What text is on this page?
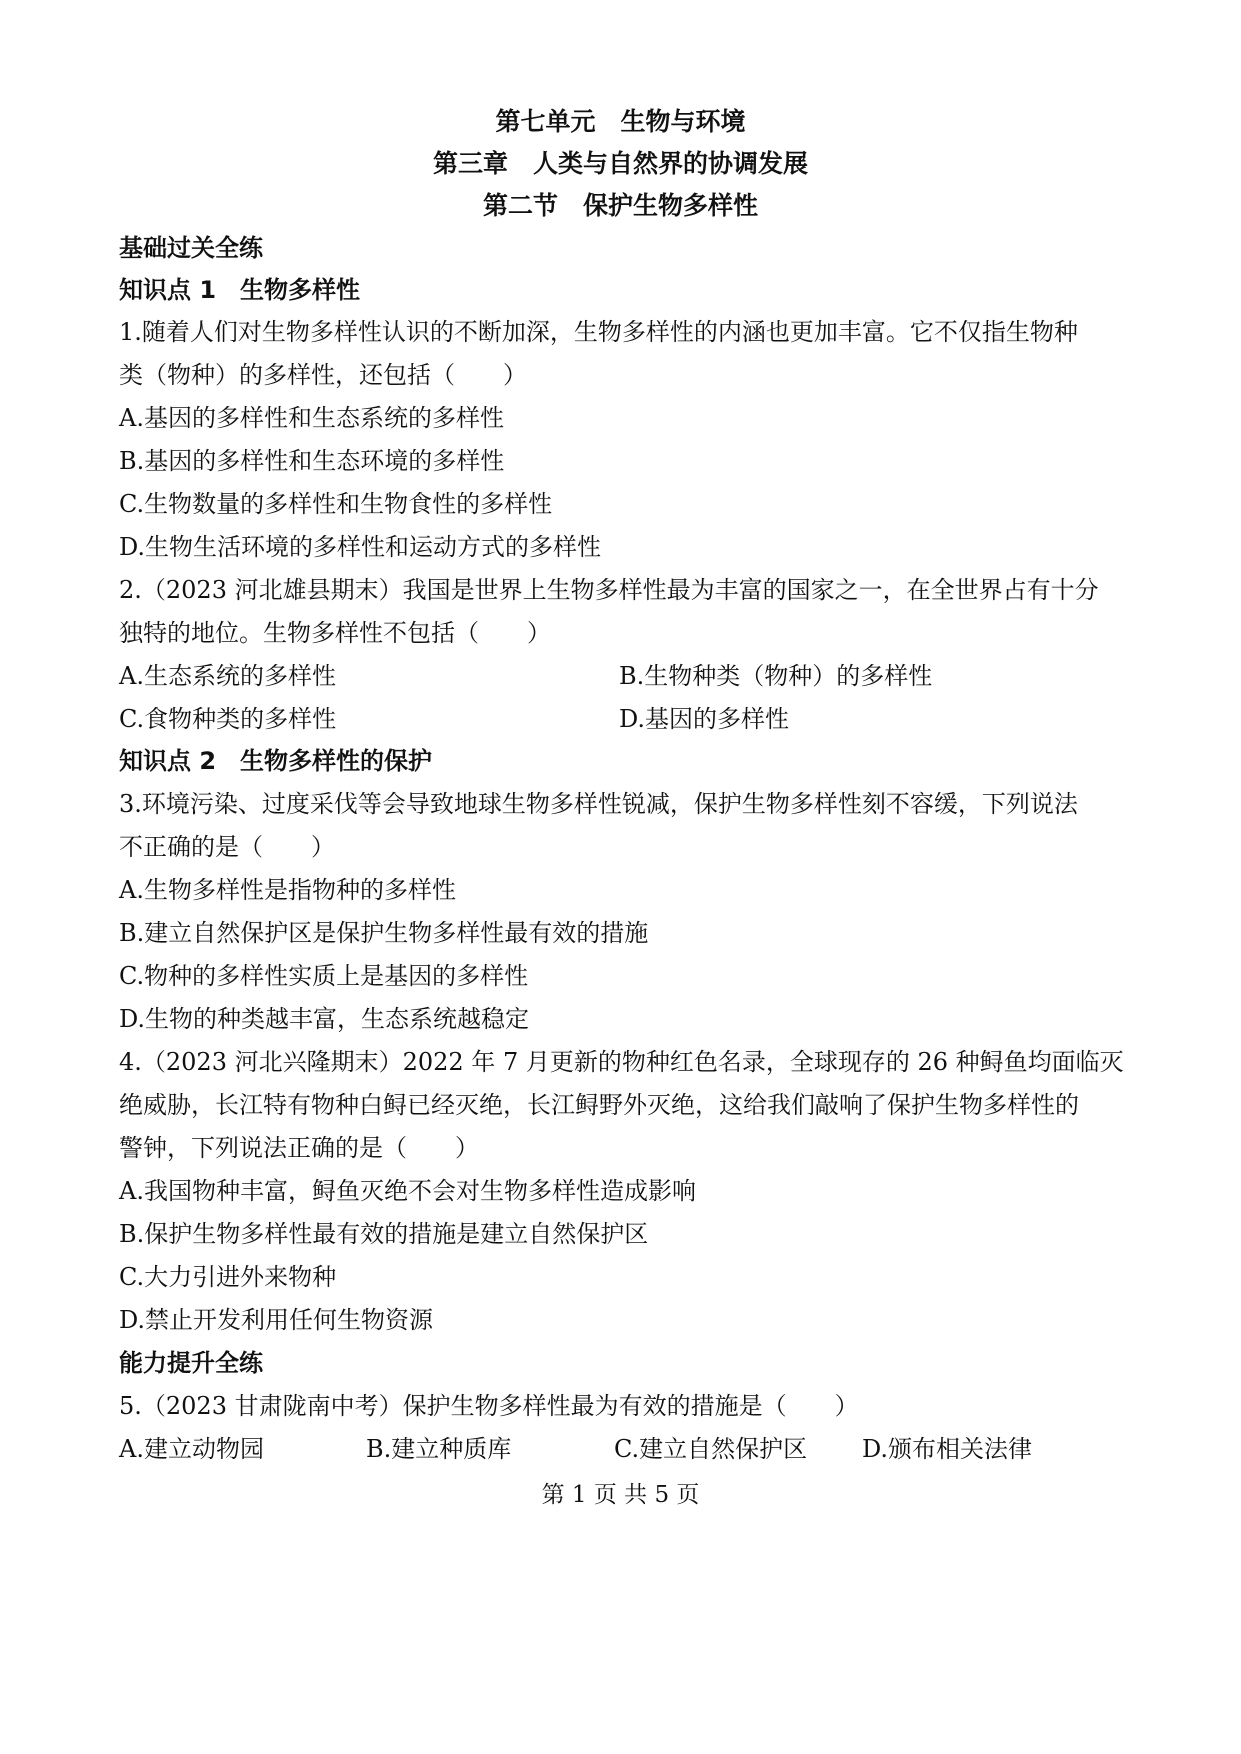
第七单元　生物与环境
第三章　人类与自然界的协调发展
第二节　保护生物多样性
基础过关全练
知识点 1　生物多样性
1.随着人们对生物多样性认识的不断加深，生物多样性的内涵也更加丰富。它不仅指生物种
类（物种）的多样性，还包括（　　）
A.基因的多样性和生态系统的多样性
B.基因的多样性和生态环境的多样性
C.生物数量的多样性和生物食性的多样性
D.生物生活环境的多样性和运动方式的多样性
2.（2023 河北雄县期末）我国是世界上生物多样性最为丰富的国家之一，在全世界占有十分
独特的地位。生物多样性不包括（　　）
A.生态系统的多样性	B.生物种类（物种）的多样性
C.食物种类的多样性	D.基因的多样性
知识点 2　生物多样性的保护
3.环境污染、过度采伐等会导致地球生物多样性锐减，保护生物多样性刻不容缓，下列说法
不正确的是（　　）
A.生物多样性是指物种的多样性
B.建立自然保护区是保护生物多样性最有效的措施
C.物种的多样性实质上是基因的多样性
D.生物的种类越丰富，生态系统越稳定
4.（2023 河北兴隆期末）2022 年 7 月更新的物种红色名录，全球现存的 26 种鲟鱼均面临灭
绝威胁，长江特有物种白鲟已经灭绝，长江鲟野外灭绝，这给我们敲响了保护生物多样性的
警钟，下列说法正确的是（　　）
A.我国物种丰富，鲟鱼灭绝不会对生物多样性造成影响
B.保护生物多样性最有效的措施是建立自然保护区
C.大力引进外来物种
D.禁止开发利用任何生物资源
能力提升全练
5.（2023 甘肃陇南中考）保护生物多样性最为有效的措施是（　　）
A.建立动物园	B.建立种质库	C.建立自然保护区 D.颁布相关法律
第 1 页 共 5 页
